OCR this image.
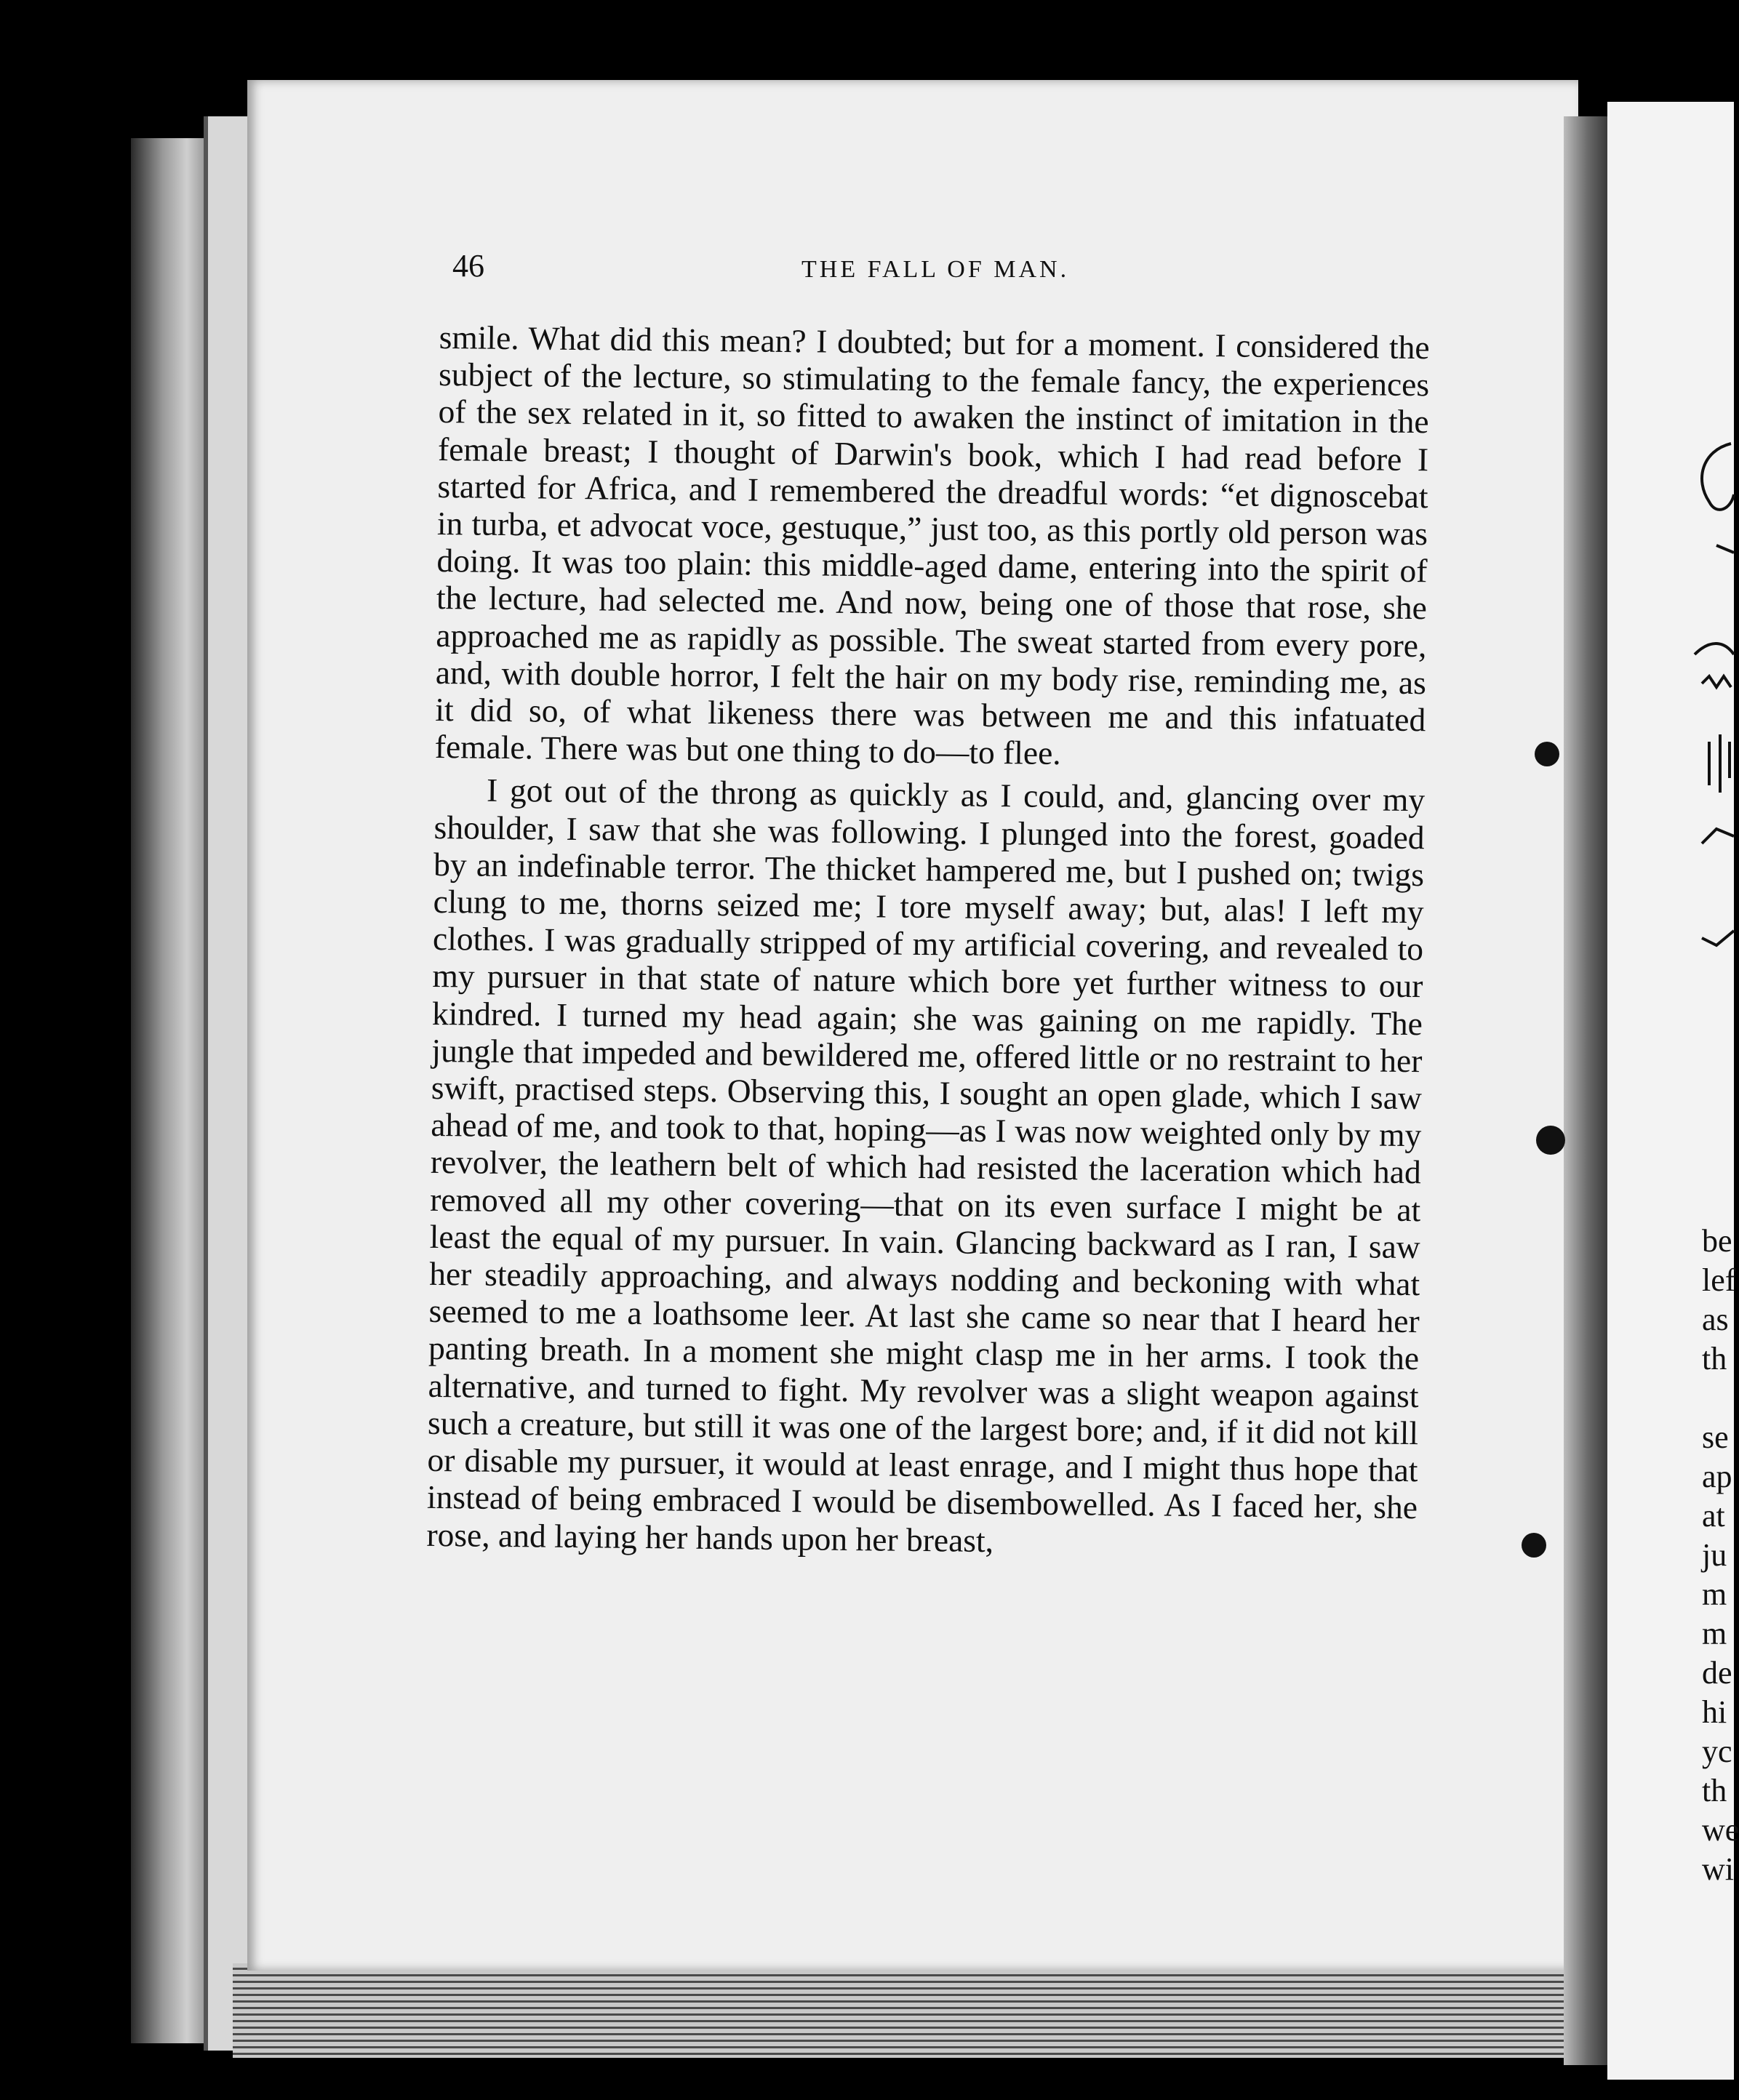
46	THE FALL OF MAN.

smile. What did this mean? I doubted; but for a moment. I considered the subject of the lecture, so stimulating to the female fancy, the experiences of the sex related in it, so fitted to awaken the instinct of imitation in the female breast; I thought of Darwin's book, which I had read before I started for Africa, and I remembered the dreadful words: “et dignoscebat in turba, et advocat voce, gestuque,” just too, as this portly old person was doing. It was too plain: this middle-aged dame, entering into the spirit of the lecture, had selected me. And now, being one of those that rose, she approached me as rapidly as possible. The sweat started from every pore, and, with double horror, I felt the hair on my body rise, reminding me, as it did so, of what likeness there was between me and this infatuated female. There was but one thing to do—to flee.

I got out of the throng as quickly as I could, and, glancing over my shoulder, I saw that she was following. I plunged into the forest, goaded by an indefinable terror. The thicket hampered me, but I pushed on; twigs clung to me, thorns seized me; I tore myself away; but, alas! I left my clothes. I was gradually stripped of my artificial covering, and revealed to my pursuer in that state of nature which bore yet further witness to our kindred. I turned my head again; she was gaining on me rapidly. The jungle that impeded and bewildered me, offered little or no restraint to her swift, practised steps. Observing this, I sought an open glade, which I saw ahead of me, and took to that, hoping—as I was now weighted only by my revolver, the leathern belt of which had resisted the laceration which had removed all my other covering—that on its even surface I might be at least the equal of my pursuer. In vain. Glancing backward as I ran, I saw her steadily approaching, and always nodding and beckoning with what seemed to me a loathsome leer. At last she came so near that I heard her panting breath. In a moment she might clasp me in her arms. I took the alternative, and turned to fight. My revolver was a slight weapon against such a creature, but still it was one of the largest bore; and, if it did not kill or disable my pursuer, it would at least enrage, and I might thus hope that instead of being embraced I would be disembowelled. As I faced her, she rose, and laying her hands upon her breast,

be
lef
as
th
se
ap
at
ju
m
m
de
hi
yc
th
we
wi
